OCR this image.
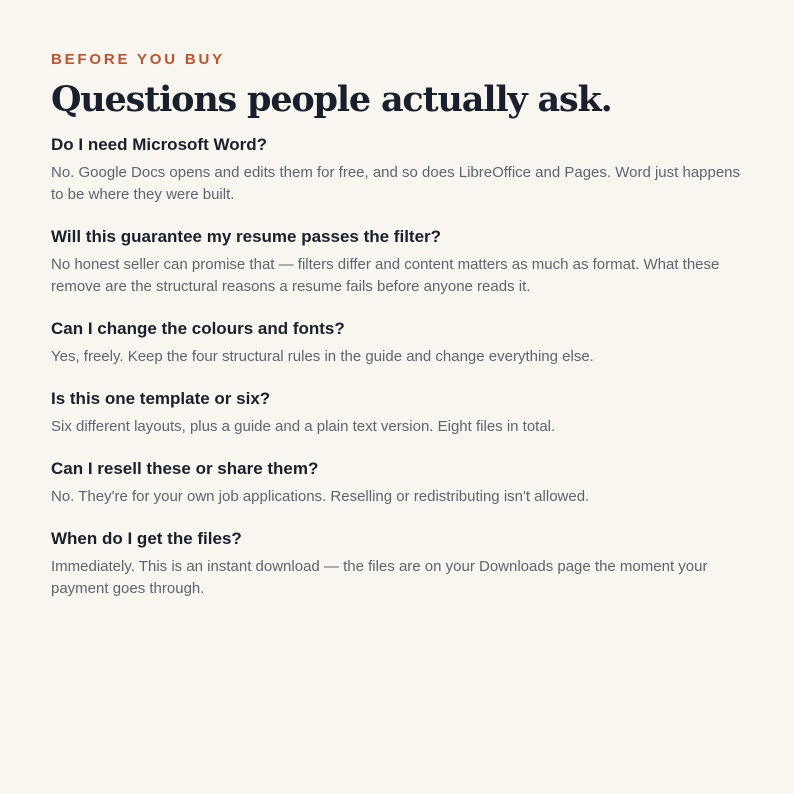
BEFORE YOU BUY

Questions people actually ask.
Do I need Microsoft Word?

No. Google Docs opens and edits them for free, and so does LibreOffice and Pages. Word just happens to be where they were built.

Will this guarantee my resume passes the filter?

No honest seller can promise that — filters differ and content matters as much as format. What these remove are the structural reasons a resume fails before anyone reads it.

Can I change the colours and fonts?

Yes, freely. Keep the four structural rules in the guide and change everything else.

Is this one template or six?

Six different layouts, plus a guide and a plain text version. Eight files in total.

Can I resell these or share them?

No. They're for your own job applications. Reselling or redistributing isn't allowed.

When do I get the files?

Immediately. This is an instant download — the files are on your Downloads page the moment your payment goes through.
